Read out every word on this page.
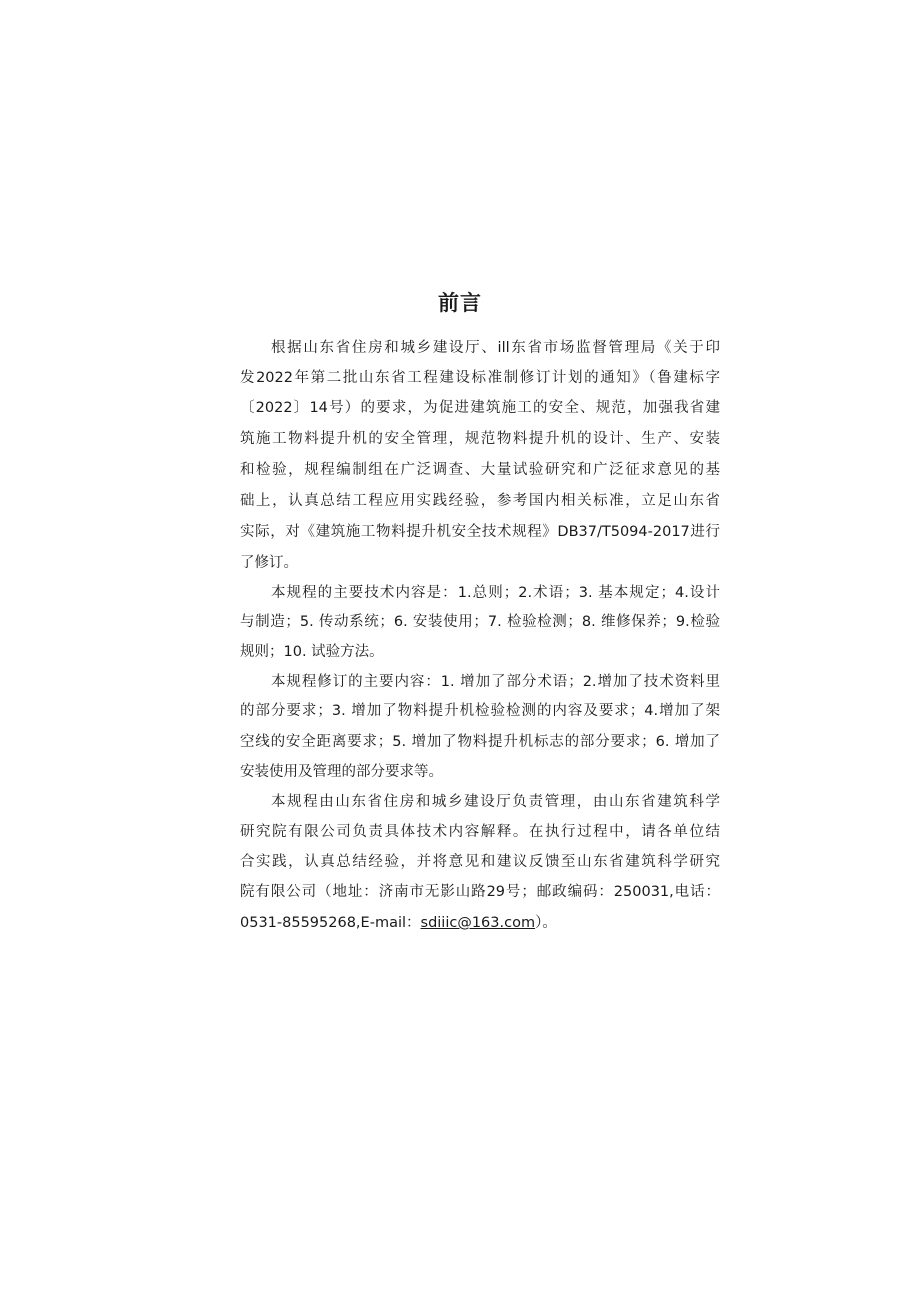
前言
根据山东省住房和城乡建设厅、ill东省市场监督管理局《关于印
发2022年第二批山东省工程建设标准制修订计划的通知》（鲁建标字
〔2022〕14号）的要求，为促进建筑施工的安全、规范，加强我省建
筑施工物料提升机的安全管理，规范物料提升机的设计、生产、安装
和检验，规程编制组在广泛调查、大量试验研究和广泛征求意见的基
础上，认真总结工程应用实践经验，参考国内相关标准，立足山东省
实际，对《建筑施工物料提升机安全技术规程》DB37/T5094-2017进行
了修订。
本规程的主要技术内容是：1.总则；2.术语；3. 基本规定；4.设计
与制造；5. 传动系统；6. 安装使用；7. 检验检测；8. 维修保养；9.检验
规则；10. 试验方法。
本规程修订的主要内容：1. 增加了部分术语；2.增加了技术资料里
的部分要求；3. 增加了物料提升机检验检测的内容及要求；4.增加了架
空线的安全距离要求；5. 增加了物料提升机标志的部分要求；6. 增加了
安装使用及管理的部分要求等。
本规程由山东省住房和城乡建设厅负责管理，由山东省建筑科学
研究院有限公司负责具体技术内容解释。在执行过程中，请各单位结
合实践，认真总结经验，并将意见和建议反馈至山东省建筑科学研究
院有限公司（地址：济南市无影山路29号；邮政编码：250031,电话：
0531-85595268,E-mail：sdiiic@163.com）。
